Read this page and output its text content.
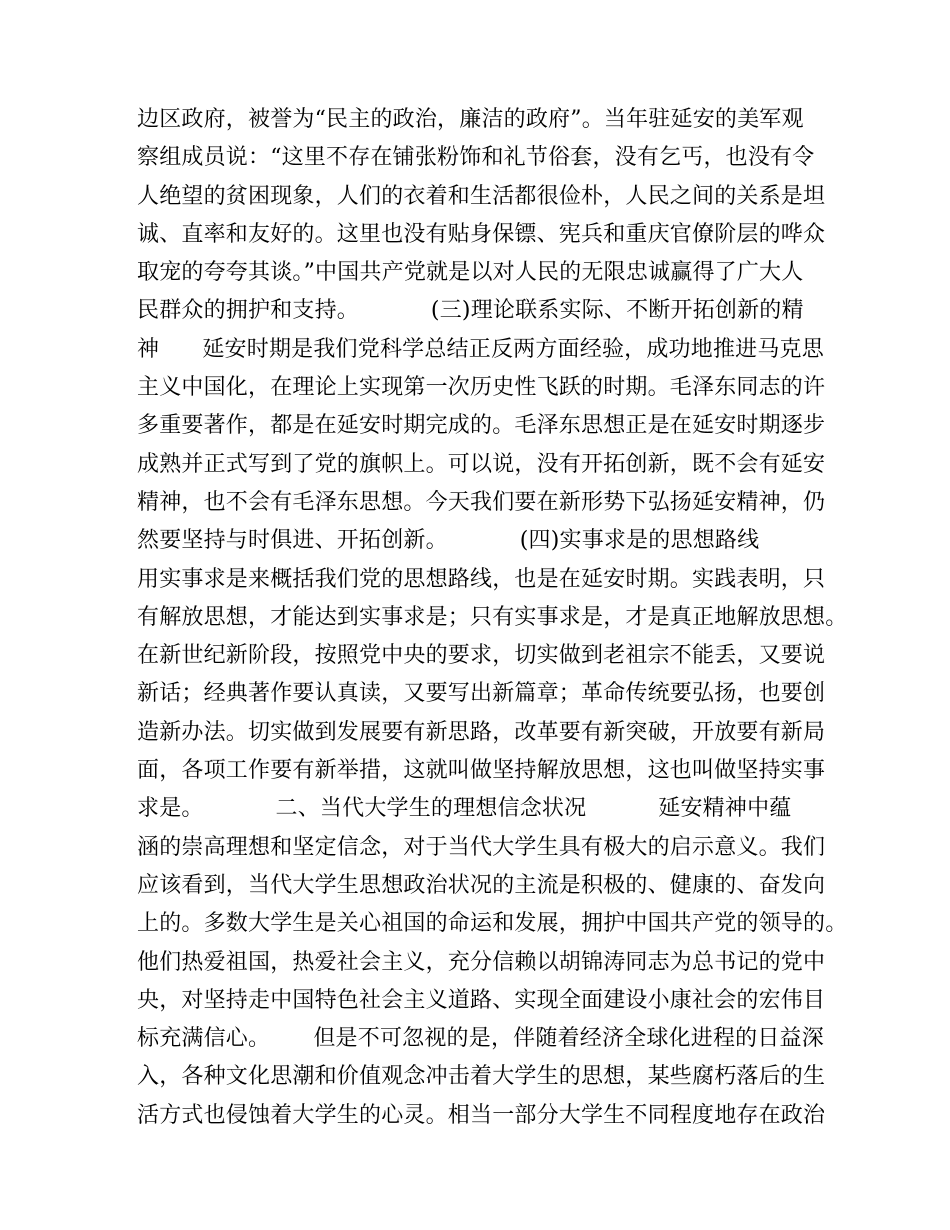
边区政府，被誉为“民主的政治，廉洁的政府”。当年驻延安的美军观
察组成员说：“这里不存在铺张粉饰和礼节俗套，没有乞丐，也没有令
人绝望的贫困现象，人们的衣着和生活都很俭朴，人民之间的关系是坦
诚、直率和友好的。这里也没有贴身保镖、宪兵和重庆官僚阶层的哗众
取宠的夸夸其谈。”中国共产党就是以对人民的无限忠诚赢得了广大人
民群众的拥护和支持。          (三)理论联系实际、不断开拓创新的精
神      延安时期是我们党科学总结正反两方面经验，成功地推进马克思
主义中国化，在理论上实现第一次历史性飞跃的时期。毛泽东同志的许
多重要著作，都是在延安时期完成的。毛泽东思想正是在延安时期逐步
成熟并正式写到了党的旗帜上。可以说，没有开拓创新，既不会有延安
精神，也不会有毛泽东思想。今天我们要在新形势下弘扬延安精神，仍
然要坚持与时俱进、开拓创新。          (四)实事求是的思想路线
用实事求是来概括我们党的思想路线，也是在延安时期。实践表明，只
有解放思想，才能达到实事求是；只有实事求是，才是真正地解放思想。
在新世纪新阶段，按照党中央的要求，切实做到老祖宗不能丢，又要说
新话；经典著作要认真读，又要写出新篇章；革命传统要弘扬，也要创
造新办法。切实做到发展要有新思路，改革要有新突破，开放要有新局
面，各项工作要有新举措，这就叫做坚持解放思想，这也叫做坚持实事
求是。          二、当代大学生的理想信念状况          延安精神中蕴
涵的崇高理想和坚定信念，对于当代大学生具有极大的启示意义。我们
应该看到，当代大学生思想政治状况的主流是积极的、健康的、奋发向
上的。多数大学生是关心祖国的命运和发展，拥护中国共产党的领导的。
他们热爱祖国，热爱社会主义，充分信赖以胡锦涛同志为总书记的党中
央，对坚持走中国特色社会主义道路、实现全面建设小康社会的宏伟目
标充满信心。      但是不可忽视的是，伴随着经济全球化进程的日益深
入，各种文化思潮和价值观念冲击着大学生的思想，某些腐朽落后的生
活方式也侵蚀着大学生的心灵。相当一部分大学生不同程度地存在政治
